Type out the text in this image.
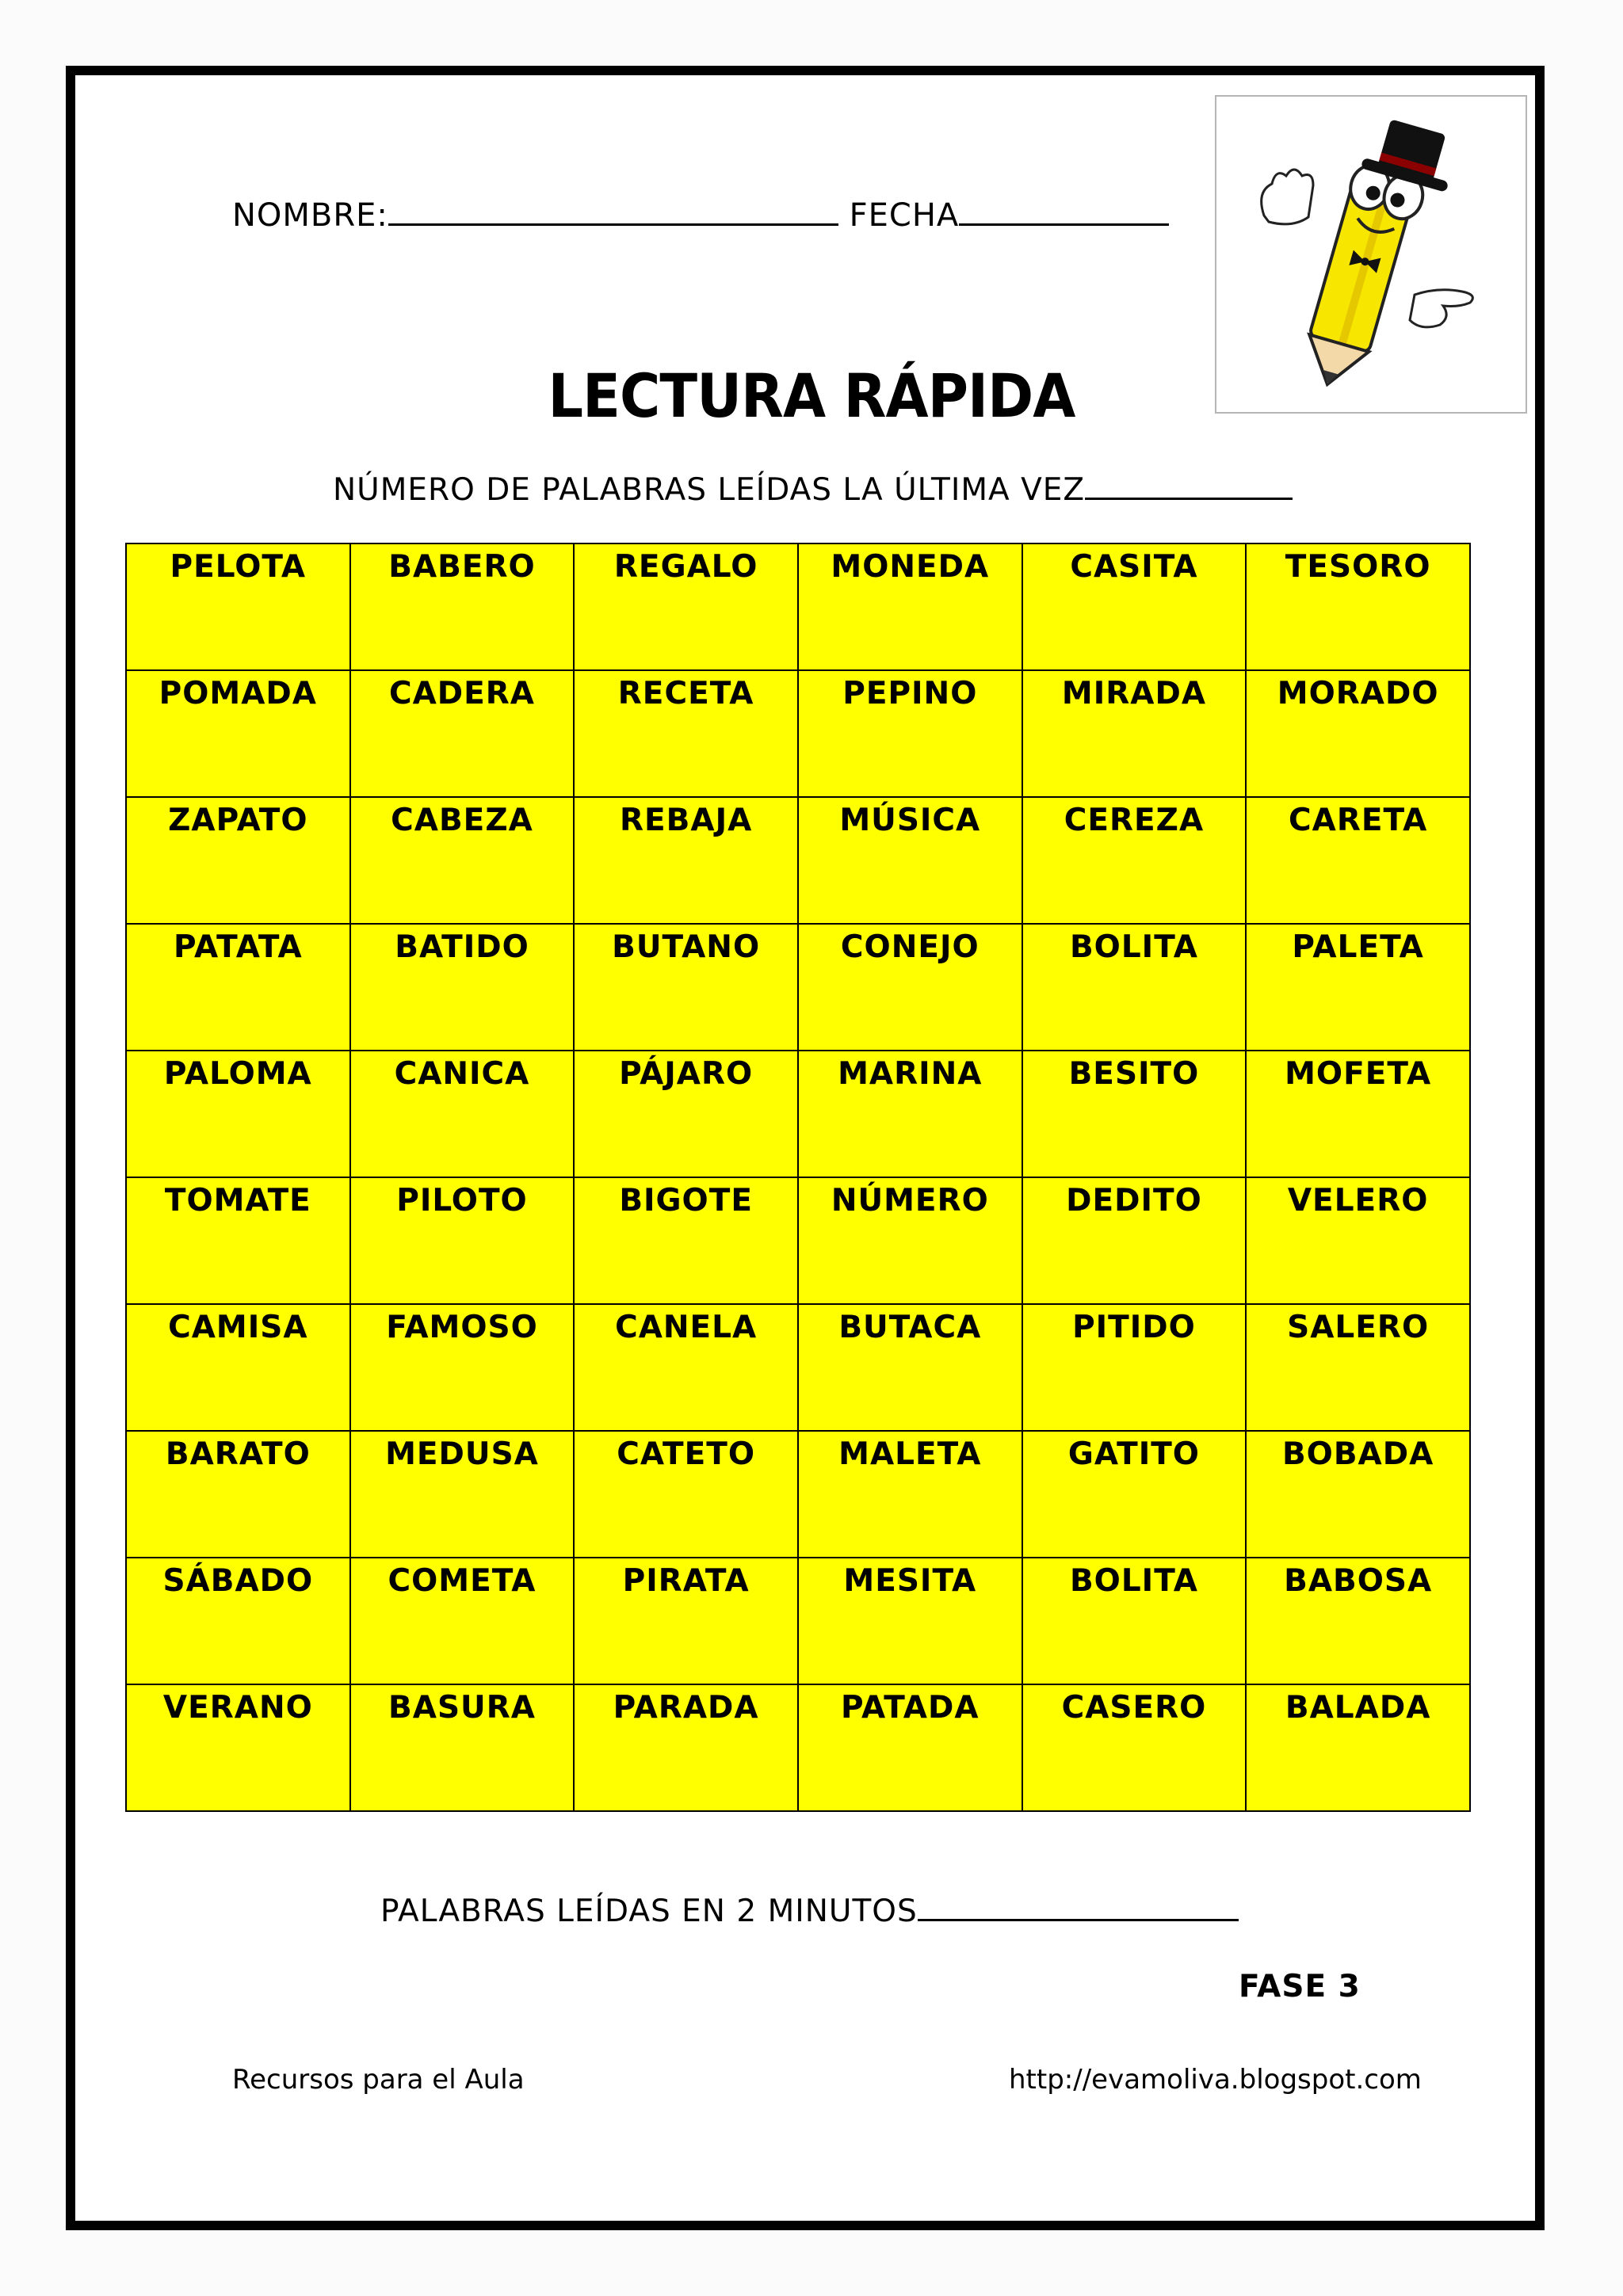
NOMBRE:	FECHA
LECTURA RÁPIDA
NÚMERO DE PALABRAS LEÍDAS LA ÚLTIMA VEZ
PELOTA	BABERO	REGALO	MONEDA	CASITA	TESORO
POMADA	CADERA	RECETA	PEPINO	MIRADA	MORADO
ZAPATO	CABEZA	REBAJA	MÚSICA	CEREZA	CARETA
PATATA	BATIDO	BUTANO	CONEJO	BOLITA	PALETA
PALOMA	CANICA	PÁJARO	MARINA	BESITO	MOFETA
TOMATE	PILOTO	BIGOTE	NÚMERO	DEDITO	VELERO
CAMISA	FAMOSO	CANELA	BUTACA	PITIDO	SALERO
BARATO	MEDUSA	CATETO	MALETA	GATITO	BOBADA
SÁBADO	COMETA	PIRATA	MESITA	BOLITA	BABOSA
VERANO	BASURA	PARADA	PATADA	CASERO	BALADA
PALABRAS LEÍDAS EN 2 MINUTOS
FASE 3
Recursos para el Aula	http://evamoliva.blogspot.com
